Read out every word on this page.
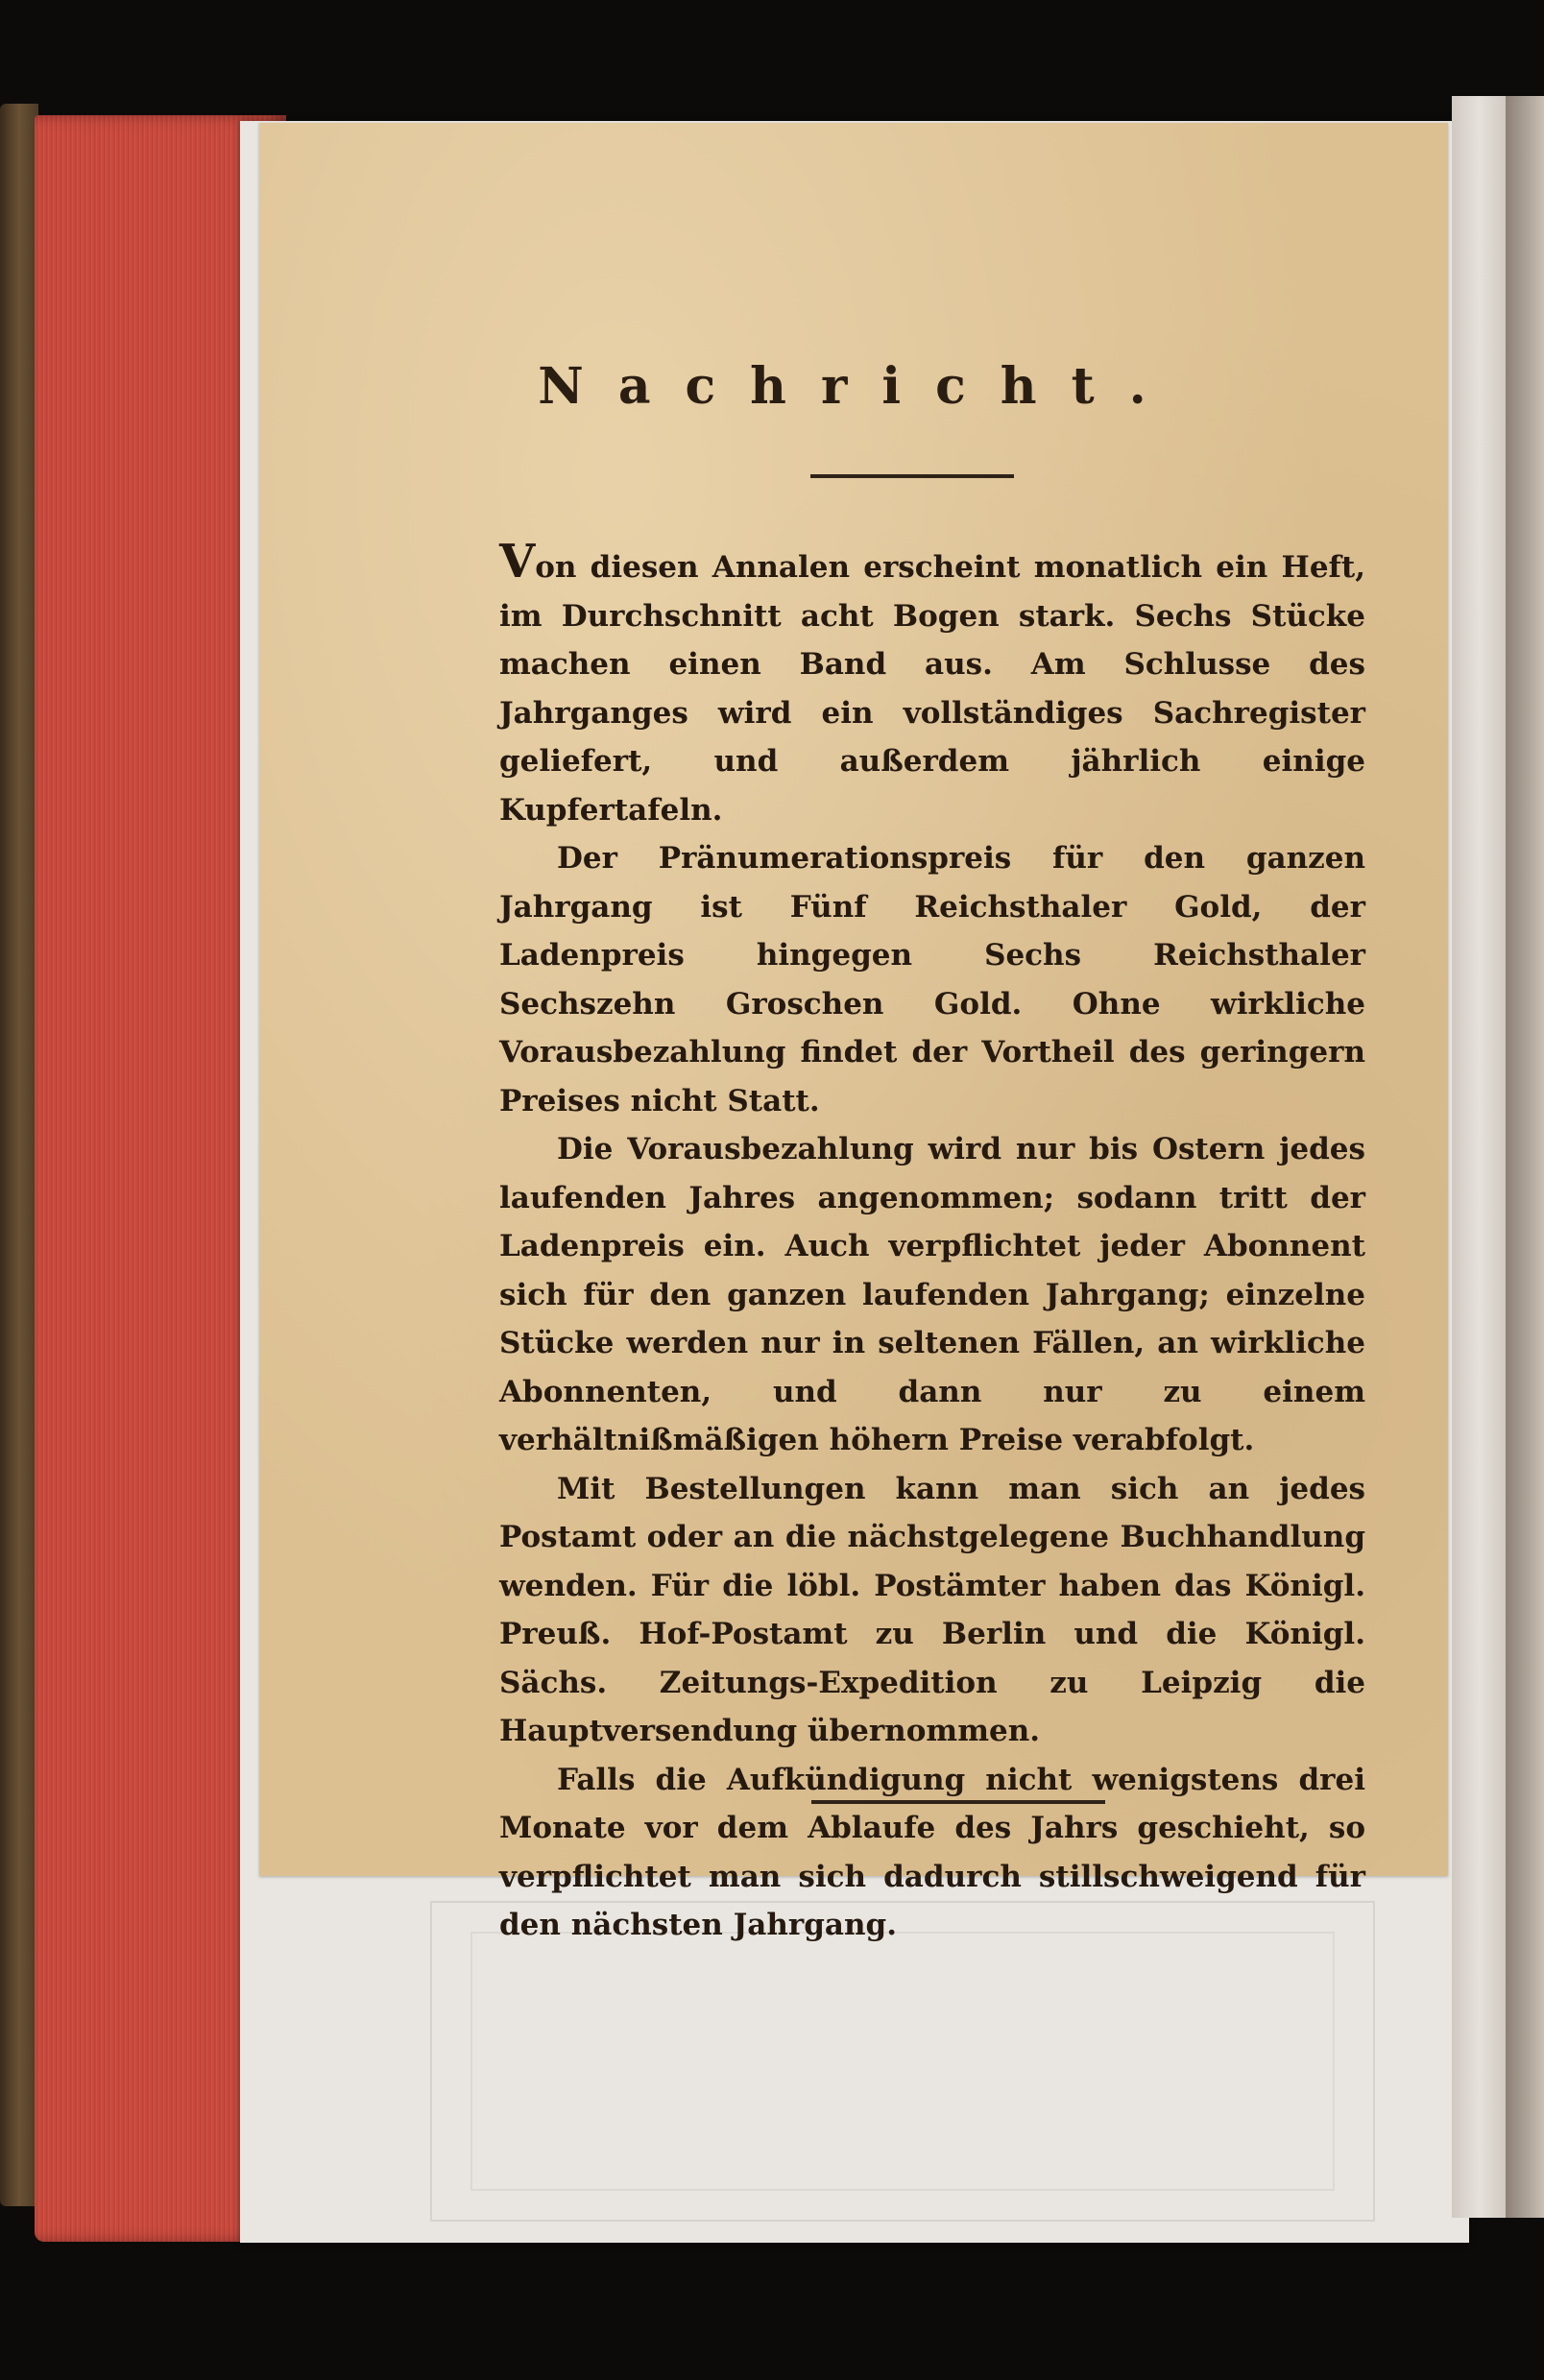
Nachricht.

Von diesen Annalen erscheint monatlich ein Heft, im Durchschnitt acht Bogen stark. Sechs Stücke machen einen Band aus. Am Schlusse des Jahrganges wird ein vollständiges Sachregister geliefert, und außerdem jährlich einige Kupfertafeln.

Der Pränumerationspreis für den ganzen Jahrgang ist Fünf Reichsthaler Gold, der Ladenpreis hingegen Sechs Reichsthaler Sechszehn Groschen Gold. Ohne wirkliche Vorausbezahlung findet der Vortheil des geringern Preises nicht Statt.

Die Vorausbezahlung wird nur bis Ostern jedes laufenden Jahres angenommen; sodann tritt der Ladenpreis ein. Auch verpflichtet jeder Abonnent sich für den ganzen laufenden Jahrgang; einzelne Stücke werden nur in seltenen Fällen, an wirkliche Abonnenten, und dann nur zu einem verhältnißmäßigen höhern Preise verabfolgt.

Mit Bestellungen kann man sich an jedes Postamt oder an die nächstgelegene Buchhandlung wenden. Für die löbl. Postämter haben das Königl. Preuß. Hof-Postamt zu Berlin und die Königl. Sächs. Zeitungs-Expedition zu Leipzig die Hauptversendung übernommen.

Falls die Aufkündigung nicht wenigstens drei Monate vor dem Ablaufe des Jahrs geschieht, so verpflichtet man sich dadurch stillschweigend für den nächsten Jahrgang.
